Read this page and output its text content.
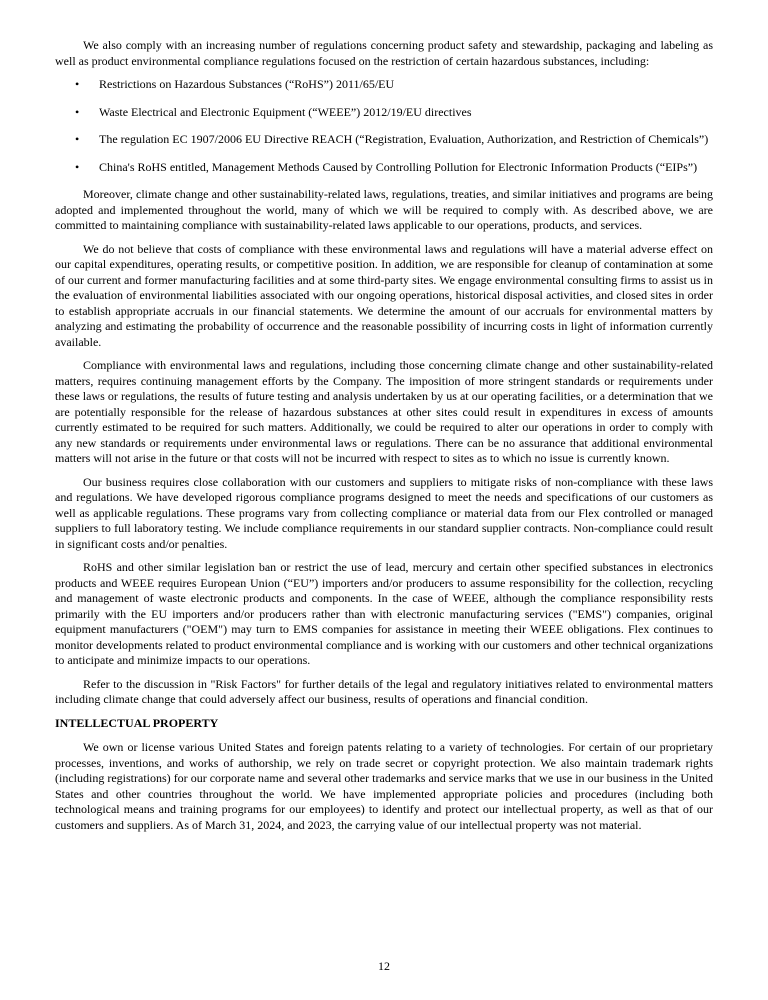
We also comply with an increasing number of regulations concerning product safety and stewardship, packaging and labeling as well as product environmental compliance regulations focused on the restriction of certain hazardous substances, including:

•	Restrictions on Hazardous Substances (“RoHS”) 2011/65/EU
•	Waste Electrical and Electronic Equipment (“WEEE”) 2012/19/EU directives
•	The regulation EC 1907/2006 EU Directive REACH (“Registration, Evaluation, Authorization, and Restriction of Chemicals”)
•	China's RoHS entitled, Management Methods Caused by Controlling Pollution for Electronic Information Products (“EIPs”)

Moreover, climate change and other sustainability-related laws, regulations, treaties, and similar initiatives and programs are being adopted and implemented throughout the world, many of which we will be required to comply with. As described above, we are committed to maintaining compliance with sustainability-related laws applicable to our operations, products, and services.

We do not believe that costs of compliance with these environmental laws and regulations will have a material adverse effect on our capital expenditures, operating results, or competitive position. In addition, we are responsible for cleanup of contamination at some of our current and former manufacturing facilities and at some third-party sites. We engage environmental consulting firms to assist us in the evaluation of environmental liabilities associated with our ongoing operations, historical disposal activities, and closed sites in order to establish appropriate accruals in our financial statements. We determine the amount of our accruals for environmental matters by analyzing and estimating the probability of occurrence and the reasonable possibility of incurring costs in light of information currently available.

Compliance with environmental laws and regulations, including those concerning climate change and other sustainability-related matters, requires continuing management efforts by the Company. The imposition of more stringent standards or requirements under these laws or regulations, the results of future testing and analysis undertaken by us at our operating facilities, or a determination that we are potentially responsible for the release of hazardous substances at other sites could result in expenditures in excess of amounts currently estimated to be required for such matters. Additionally, we could be required to alter our operations in order to comply with any new standards or requirements under environmental laws or regulations. There can be no assurance that additional environmental matters will not arise in the future or that costs will not be incurred with respect to sites as to which no issue is currently known.

Our business requires close collaboration with our customers and suppliers to mitigate risks of non-compliance with these laws and regulations. We have developed rigorous compliance programs designed to meet the needs and specifications of our customers as well as applicable regulations. These programs vary from collecting compliance or material data from our Flex controlled or managed suppliers to full laboratory testing. We include compliance requirements in our standard supplier contracts. Non-compliance could result in significant costs and/or penalties.

RoHS and other similar legislation ban or restrict the use of lead, mercury and certain other specified substances in electronics products and WEEE requires European Union (“EU”) importers and/or producers to assume responsibility for the collection, recycling and management of waste electronic products and components. In the case of WEEE, although the compliance responsibility rests primarily with the EU importers and/or producers rather than with electronic manufacturing services ("EMS") companies, original equipment manufacturers ("OEM") may turn to EMS companies for assistance in meeting their WEEE obligations. Flex continues to monitor developments related to product environmental compliance and is working with our customers and other technical organizations to anticipate and minimize impacts to our operations.

Refer to the discussion in "Risk Factors" for further details of the legal and regulatory initiatives related to environmental matters including climate change that could adversely affect our business, results of operations and financial condition.

INTELLECTUAL PROPERTY

We own or license various United States and foreign patents relating to a variety of technologies. For certain of our proprietary processes, inventions, and works of authorship, we rely on trade secret or copyright protection. We also maintain trademark rights (including registrations) for our corporate name and several other trademarks and service marks that we use in our business in the United States and other countries throughout the world. We have implemented appropriate policies and procedures (including both technological means and training programs for our employees) to identify and protect our intellectual property, as well as that of our customers and suppliers. As of March 31, 2024, and 2023, the carrying value of our intellectual property was not material.

12
